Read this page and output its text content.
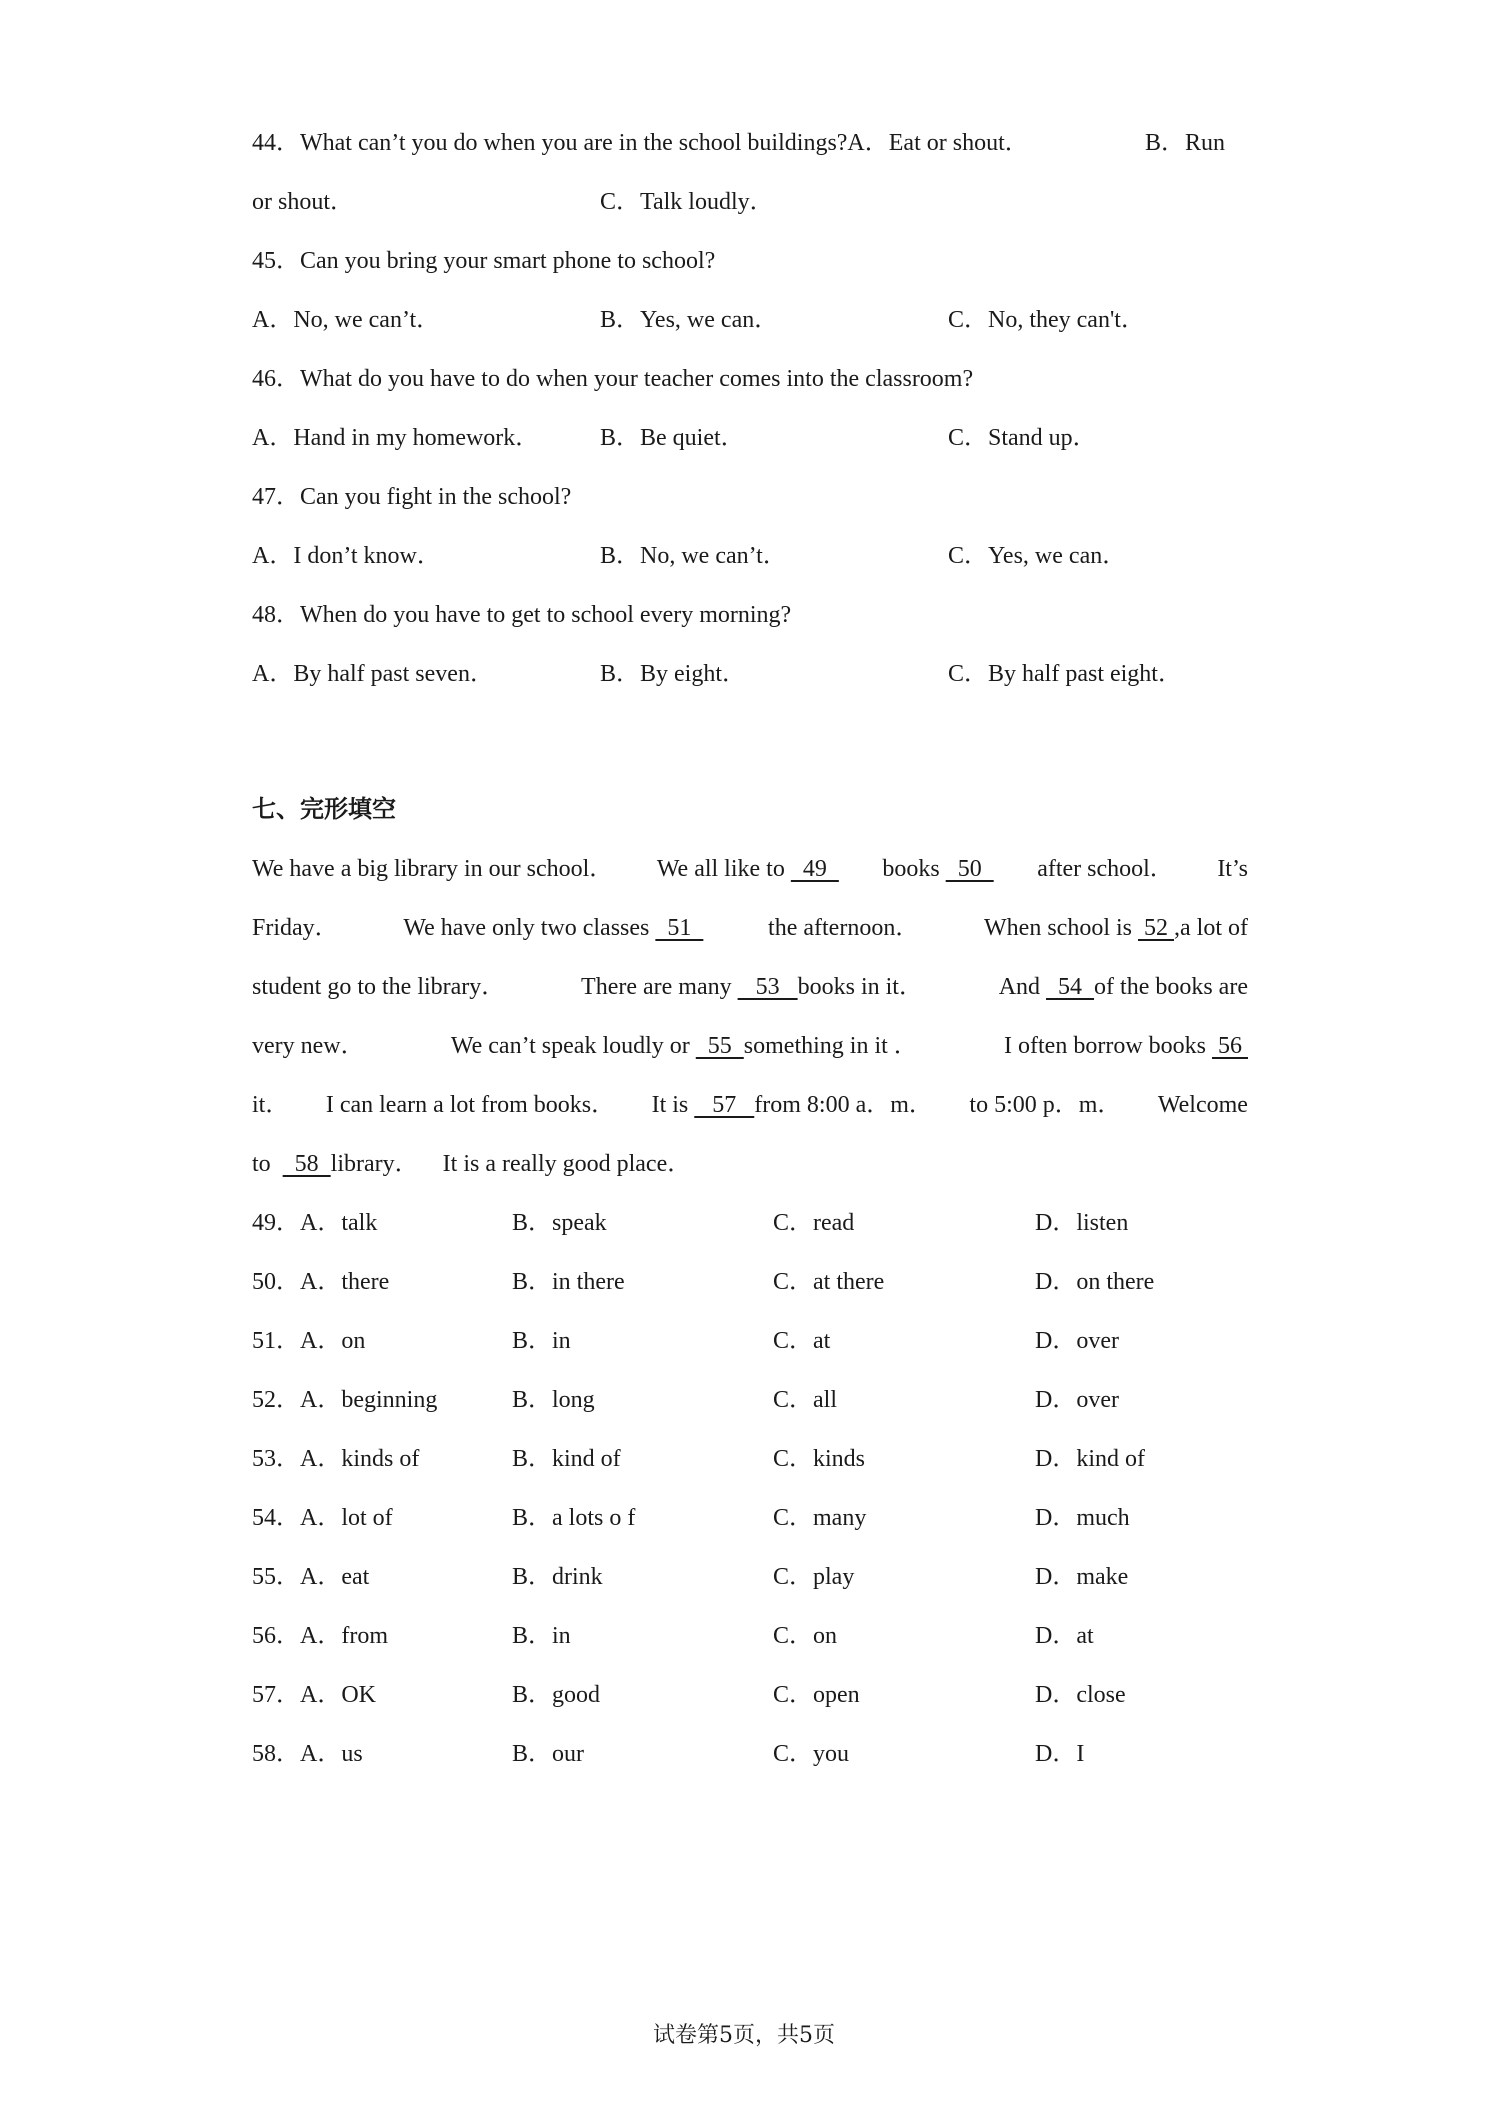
44．What can’t you do when you are in the school buildings?A．Eat or shout．	B．Run
or shout．	C．Talk loudly．
45．Can you bring your smart phone to school?
A．No, we can’t．	B．Yes, we can．	C．No, they can't．
46．What do you have to do when your teacher comes into the classroom?
A．Hand in my homework．	B．Be quiet．	C．Stand up．
47．Can you fight in the school?
A．I don’t know．	B．No, we can’t．	C．Yes, we can．
48．When do you have to get to school every morning?
A．By half past seven．	B．By eight．	C．By half past eight．
七、完形填空
We have a big library in our school． We all like to   49 books   50 after school． It’s
Friday．	We have only two classes   51	the afternoon．	When school is  52 ,a lot of
student go to the library．	There are many    53   books in it．	And   54  of the books are
very new．	We can’t speak loudly or   55  something in it ．	I often borrow books  56
it． I can learn a lot from books． It is    57   from 8:00 a．m． to 5:00 p．m． Welcome
to    58  library． It is a really good place．
49．A．talk	B．speak	C．read	D．listen
50．A．there	B．in there	C．at there	D．on there
51．A．on	B．in	C．at	D．over
52．A．beginning	B．long	C．all	D．over
53．A．kinds of	B．kind of	C．kinds	D．kind of
54．A．lot of	B．a lots o f	C．many	D．much
55．A．eat	B．drink	C．play	D．make
56．A．from	B．in	C．on	D．at
57．A．OK	B．good	C．open	D．close
58．A．us	B．our	C．you	D．I
试卷第5页，共5页
